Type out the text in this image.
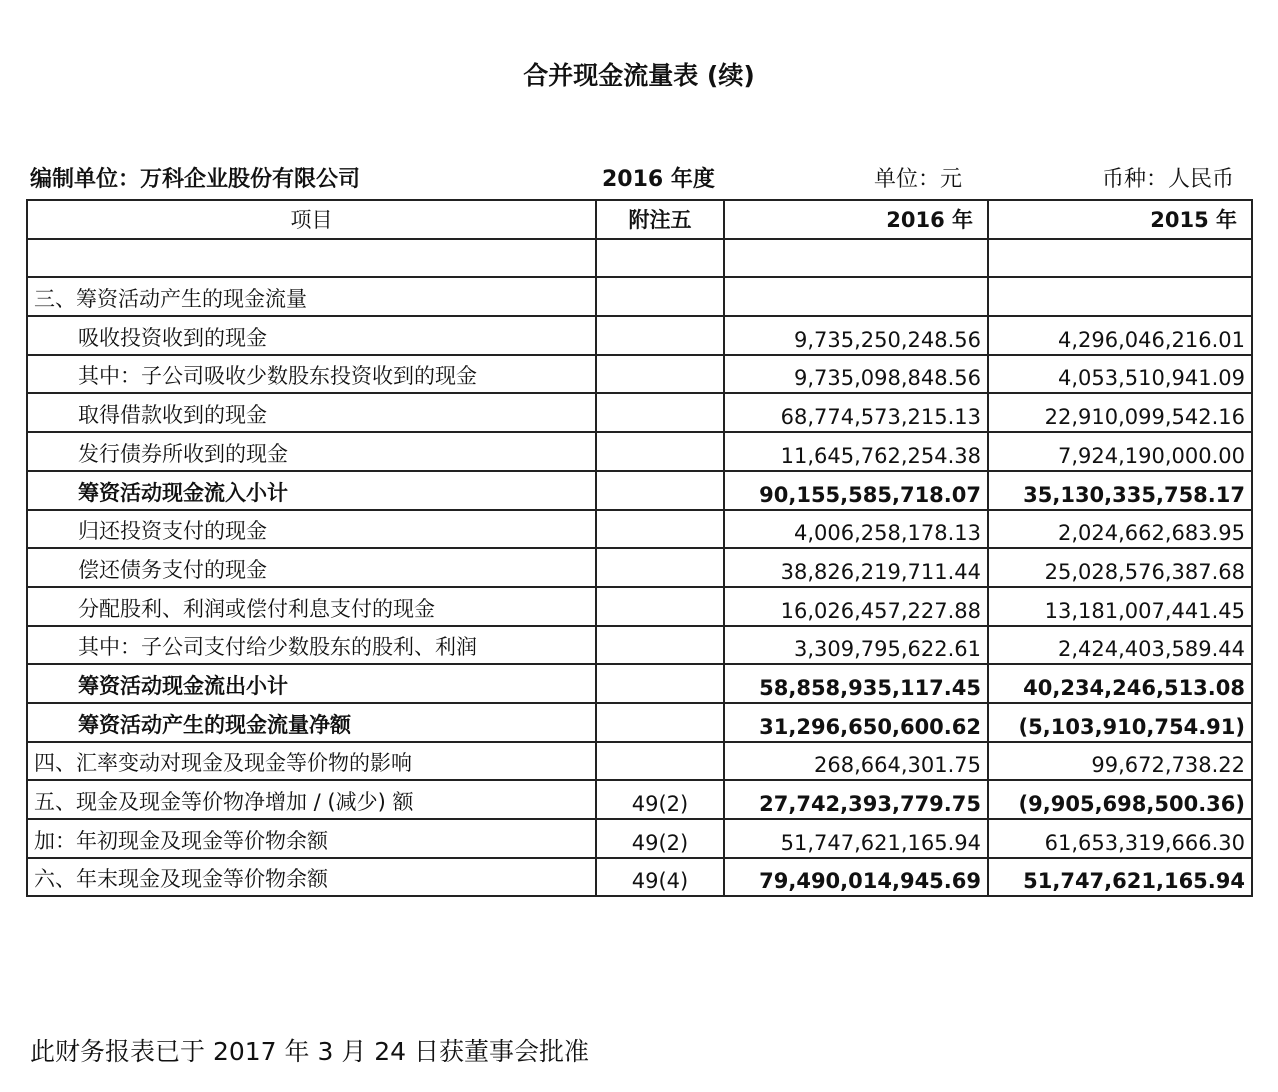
合并现金流量表 (续)
编制单位：万科企业股份有限公司	2016 年度	单位：元	币种：人民币
项目	附注五	2016 年	2015 年

三、筹资活动产生的现金流量			
吸收投资收到的现金		9,735,250,248.56	4,296,046,216.01
其中：子公司吸收少数股东投资收到的现金		9,735,098,848.56	4,053,510,941.09
取得借款收到的现金		68,774,573,215.13	22,910,099,542.16
发行债券所收到的现金		11,645,762,254.38	7,924,190,000.00
筹资活动现金流入小计		90,155,585,718.07	35,130,335,758.17
归还投资支付的现金		4,006,258,178.13	2,024,662,683.95
偿还债务支付的现金		38,826,219,711.44	25,028,576,387.68
分配股利、利润或偿付利息支付的现金		16,026,457,227.88	13,181,007,441.45
其中：子公司支付给少数股东的股利、利润		3,309,795,622.61	2,424,403,589.44
筹资活动现金流出小计		58,858,935,117.45	40,234,246,513.08
筹资活动产生的现金流量净额		31,296,650,600.62	(5,103,910,754.91)
四、汇率变动对现金及现金等价物的影响		268,664,301.75	99,672,738.22
五、现金及现金等价物净增加 / (减少) 额	49(2)	27,742,393,779.75	(9,905,698,500.36)
加：年初现金及现金等价物余额	49(2)	51,747,621,165.94	61,653,319,666.30
六、年末现金及现金等价物余额	49(4)	79,490,014,945.69	51,747,621,165.94
此财务报表已于 2017 年 3 月 24 日获董事会批准
